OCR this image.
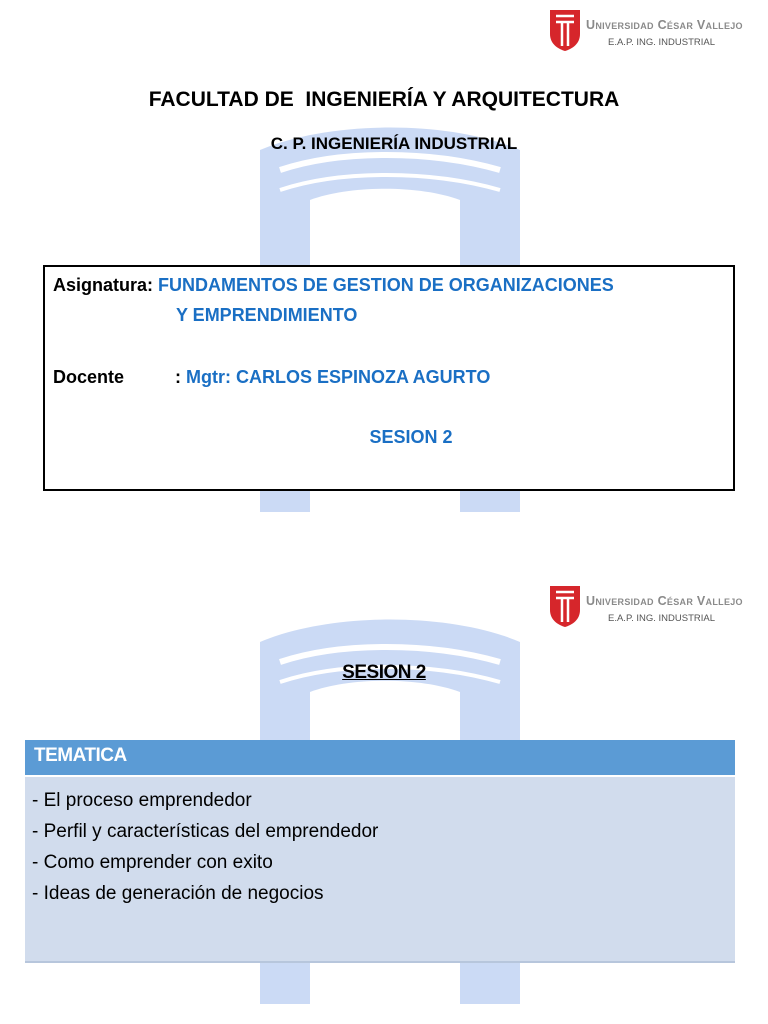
Universidad César Vallejo
E.A.P. ING. INDUSTRIAL
FACULTAD DE  INGENIERÍA Y ARQUITECTURA
C. P. INGENIERÍA INDUSTRIAL
Asignatura: FUNDAMENTOS DE GESTION DE ORGANIZACIONES
Y EMPRENDIMIENTO
Docente	: Mgtr: CARLOS ESPINOZA AGURTO
SESION 2
Universidad César Vallejo
E.A.P. ING. INDUSTRIAL
SESION 2
TEMATICA
- El proceso emprendedor
- Perfil y características del emprendedor
- Como emprender con exito
- Ideas de generación de negocios
